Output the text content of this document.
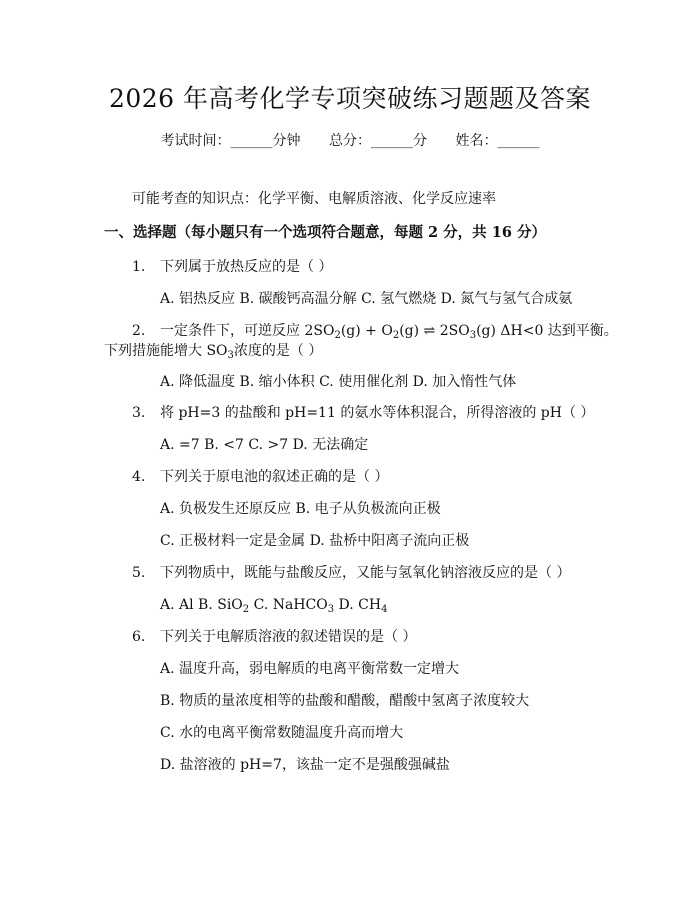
2026 年高考化学专项突破练习题题及答案
考试时间：______分钟 总分：______分 姓名：______
可能考查的知识点：化学平衡、电解质溶液、化学反应速率
一、选择题（每小题只有一个选项符合题意，每题 2 分，共 16 分）
1. 下列属于放热反应的是（ ）
A. 铝热反应 B. 碳酸钙高温分解 C. 氢气燃烧 D. 氮气与氢气合成氨
2. 一定条件下，可逆反应 $2SO_2(g) + O_2(g)$ ⇌ $2SO_3(g)$ ΔH<0 达到平衡。
下列措施能增大 $SO_3$浓度的是（ ）
A. 降低温度 B. 缩小体积 C. 使用催化剂 D. 加入惰性气体
3. 将 pH=3 的盐酸和 pH=11 的氨水等体积混合，所得溶液的 pH（ ）
A. =7 B. <7 C. >7 D. 无法确定
4. 下列关于原电池的叙述正确的是（ ）
A. 负极发生还原反应 B. 电子从负极流向正极
C. 正极材料一定是金属 D. 盐桥中阳离子流向正极
5. 下列物质中，既能与盐酸反应，又能与氢氧化钠溶液反应的是（ ）
A. Al B. SiO$_2$ C. NaHCO$_3$ D. $CH_4$
6. 下列关于电解质溶液的叙述错误的是（ ）
A. 温度升高，弱电解质的电离平衡常数一定增大
B. 物质的量浓度相等的盐酸和醋酸，醋酸中氢离子浓度较大
C. 水的电离平衡常数随温度升高而增大
D. 盐溶液的 pH=7，该盐一定不是强酸强碱盐
